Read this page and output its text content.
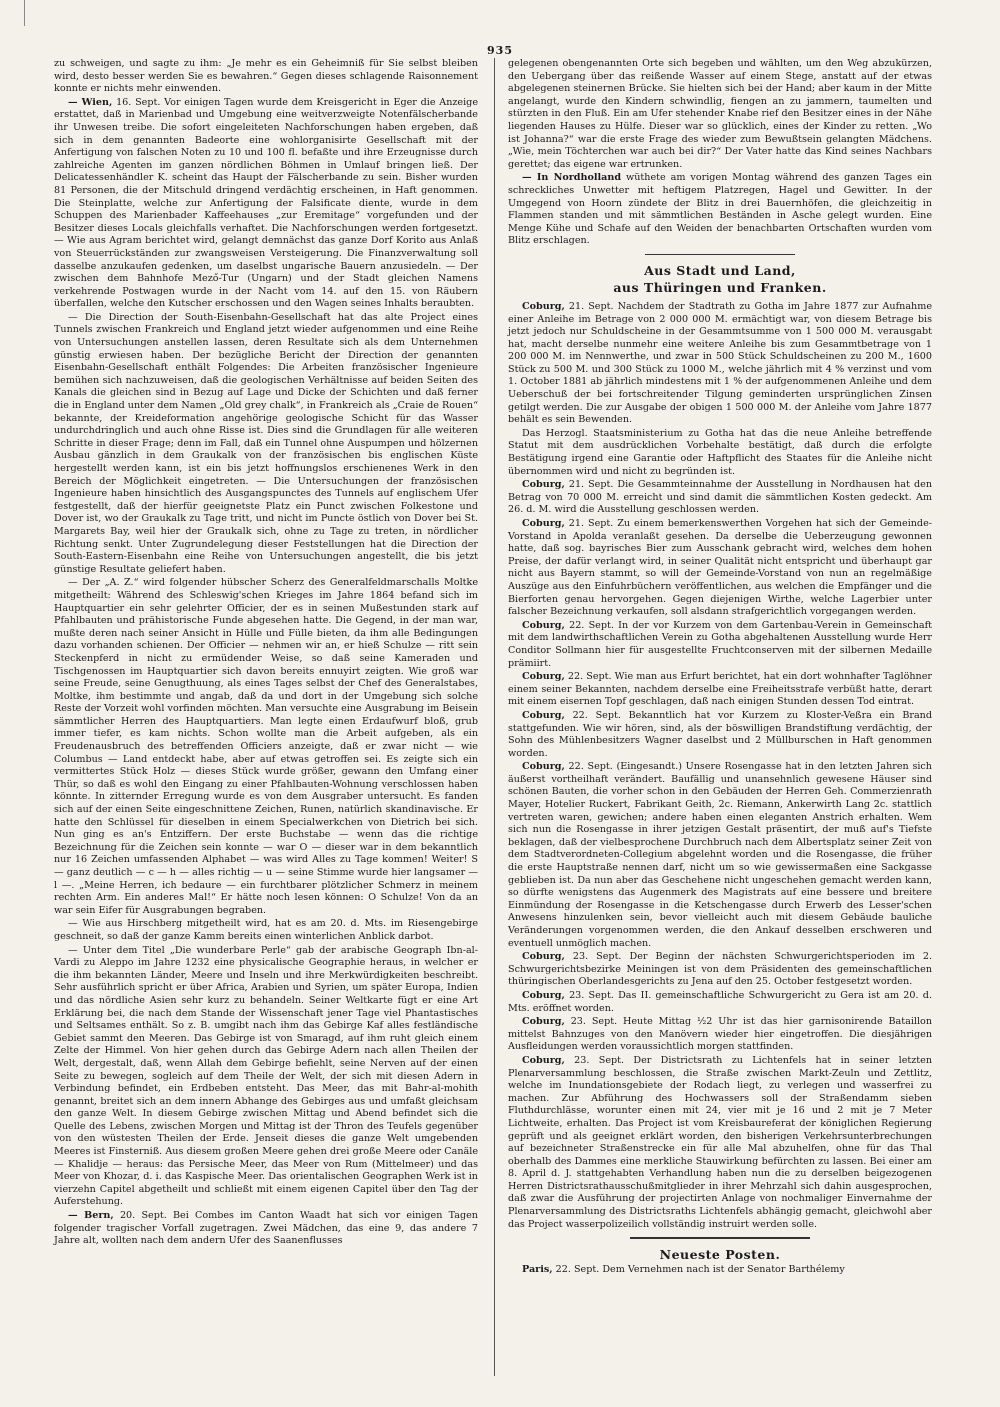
935

zu schweigen, und sagte zu ihm: „Je mehr es ein Geheimniß für Sie selbst bleiben wird, desto besser werden Sie es bewahren.“ Gegen dieses schlagende Raisonnement konnte er nichts mehr einwenden.

— Wien, 16. Sept. Vor einigen Tagen wurde dem Kreisgericht in Eger die Anzeige erstattet, daß in Marienbad und Umgebung eine weitverzweigte Notenfälscherbande ihr Unwesen treibe. Die sofort eingeleiteten Nachforschungen haben ergeben, daß sich in dem genannten Badeorte eine wohlorganisirte Gesellschaft mit der Anfertigung von falschen Noten zu 10 und 100 fl. befaßte und ihre Erzeugnisse durch zahlreiche Agenten im ganzen nördlichen Böhmen in Umlauf bringen ließ. Der Delicatessenhändler K. scheint das Haupt der Fälscherbande zu sein. Bisher wurden 81 Personen, die der Mitschuld dringend verdächtig erscheinen, in Haft genommen. Die Steinplatte, welche zur Anfertigung der Falsificate diente, wurde in dem Schuppen des Marienbader Kaffeehauses „zur Eremitage“ vorgefunden und der Besitzer dieses Locals gleichfalls verhaftet. Die Nachforschungen werden fortgesetzt. — Wie aus Agram berichtet wird, gelangt demnächst das ganze Dorf Korito aus Anlaß von Steuerrückständen zur zwangsweisen Versteigerung. Die Finanzverwaltung soll dasselbe anzukaufen gedenken, um daselbst ungarische Bauern anzusiedeln. — Der zwischen dem Bahnhofe Mező-Tur (Ungarn) und der Stadt gleichen Namens verkehrende Postwagen wurde in der Nacht vom 14. auf den 15. von Räubern überfallen, welche den Kutscher erschossen und den Wagen seines Inhalts beraubten.

— Die Direction der South-Eisenbahn-Gesellschaft hat das alte Project eines Tunnels zwischen Frankreich und England jetzt wieder aufgenommen und eine Reihe von Untersuchungen anstellen lassen, deren Resultate sich als dem Unternehmen günstig erwiesen haben. Der bezügliche Bericht der Direction der genannten Eisenbahn-Gesellschaft enthält Folgendes: Die Arbeiten französischer Ingenieure bemühen sich nachzuweisen, daß die geologischen Verhältnisse auf beiden Seiten des Kanals die gleichen sind in Bezug auf Lage und Dicke der Schichten und daß ferner die in England unter dem Namen „Old grey chalk“, in Frankreich als „Craie de Rouen“ bekannte, der Kreideformation angehörige geologische Schicht für das Wasser undurchdringlich und auch ohne Risse ist. Dies sind die Grundlagen für alle weiteren Schritte in dieser Frage; denn im Fall, daß ein Tunnel ohne Auspumpen und hölzernen Ausbau gänzlich in dem Graukalk von der französischen bis englischen Küste hergestellt werden kann, ist ein bis jetzt hoffnungslos erschienenes Werk in den Bereich der Möglichkeit eingetreten. — Die Untersuchungen der französischen Ingenieure haben hinsichtlich des Ausgangspunctes des Tunnels auf englischem Ufer festgestellt, daß der hierfür geeignetste Platz ein Punct zwischen Folkestone und Dover ist, wo der Graukalk zu Tage tritt, und nicht im Puncte östlich von Dover bei St. Margarets Bay, weil hier der Graukalk sich, ohne zu Tage zu treten, in nördlicher Richtung senkt. Unter Zugrundelegung dieser Feststellungen hat die Direction der South-Eastern-Eisenbahn eine Reihe von Untersuchungen angestellt, die bis jetzt günstige Resultate geliefert haben.

— Der „A. Z.“ wird folgender hübscher Scherz des Generalfeldmarschalls Moltke mitgetheilt: Während des Schleswig'schen Krieges im Jahre 1864 befand sich im Hauptquartier ein sehr gelehrter Officier, der es in seinen Mußestunden stark auf Pfahlbauten und prähistorische Funde abgesehen hatte. Die Gegend, in der man war, mußte deren nach seiner Ansicht in Hülle und Fülle bieten, da ihm alle Bedingungen dazu vorhanden schienen. Der Officier — nehmen wir an, er hieß Schulze — ritt sein Steckenpferd in nicht zu ermüdender Weise, so daß seine Kameraden und Tischgenossen im Hauptquartier sich davon bereits ennuyirt zeigten. Wie groß war seine Freude, seine Genugthuung, als eines Tages selbst der Chef des Generalstabes, Moltke, ihm bestimmte und angab, daß da und dort in der Umgebung sich solche Reste der Vorzeit wohl vorfinden möchten. Man versuchte eine Ausgrabung im Beisein sämmtlicher Herren des Hauptquartiers. Man legte einen Erdaufwurf bloß, grub immer tiefer, es kam nichts. Schon wollte man die Arbeit aufgeben, als ein Freudenausbruch des betreffenden Officiers anzeigte, daß er zwar nicht — wie Columbus — Land entdeckt habe, aber auf etwas getroffen sei. Es zeigte sich ein vermittertes Stück Holz — dieses Stück wurde größer, gewann den Umfang einer Thür, so daß es wohl den Eingang zu einer Pfahlbauten-Wohnung verschlossen haben könnte. In zitternder Erregung wurde es von dem Ausgraber untersucht. Es fanden sich auf der einen Seite eingeschnittene Zeichen, Runen, natürlich skandinavische. Er hatte den Schlüssel für dieselben in einem Specialwerkchen von Dietrich bei sich. Nun ging es an's Entziffern. Der erste Buchstabe — wenn das die richtige Bezeichnung für die Zeichen sein konnte — war O — dieser war in dem bekanntlich nur 16 Zeichen umfassenden Alphabet — was wird Alles zu Tage kommen! Weiter! S — ganz deutlich — c — h — alles richtig — u — seine Stimme wurde hier langsamer — l —. „Meine Herren, ich bedaure — ein furchtbarer plötzlicher Schmerz in meinem rechten Arm. Ein anderes Mal!“ Er hätte noch lesen können: O Schulze! Von da an war sein Eifer für Ausgrabungen begraben.

— Wie aus Hirschberg mitgetheilt wird, hat es am 20. d. Mts. im Riesengebirge geschneit, so daß der ganze Kamm bereits einen winterlichen Anblick darbot.

— Unter dem Titel „Die wunderbare Perle“ gab der arabische Geograph Ibn-al-Vardi zu Aleppo im Jahre 1232 eine physicalische Geographie heraus, in welcher er die ihm bekannten Länder, Meere und Inseln und ihre Merkwürdigkeiten beschreibt. Sehr ausführlich spricht er über Africa, Arabien und Syrien, um später Europa, Indien und das nördliche Asien sehr kurz zu behandeln. Seiner Weltkarte fügt er eine Art Erklärung bei, die nach dem Stande der Wissenschaft jener Tage viel Phantastisches und Seltsames enthält. So z. B. umgibt nach ihm das Gebirge Kaf alles festländische Gebiet sammt den Meeren. Das Gebirge ist von Smaragd, auf ihm ruht gleich einem Zelte der Himmel. Von hier gehen durch das Gebirge Adern nach allen Theilen der Welt, dergestalt, daß, wenn Allah dem Gebirge befiehlt, seine Nerven auf der einen Seite zu bewegen, sogleich auf dem Theile der Welt, der sich mit diesen Adern in Verbindung befindet, ein Erdbeben entsteht. Das Meer, das mit Bahr-al-mohith genannt, breitet sich an dem innern Abhange des Gebirges aus und umfaßt gleichsam den ganze Welt. In diesem Gebirge zwischen Mittag und Abend befindet sich die Quelle des Lebens, zwischen Morgen und Mittag ist der Thron des Teufels gegenüber von den wüstesten Theilen der Erde. Jenseit dieses die ganze Welt umgebenden Meeres ist Finsterniß. Aus diesem großen Meere gehen drei große Meere oder Canäle — Khalidje — heraus: das Persische Meer, das Meer von Rum (Mittelmeer) und das Meer von Khozar, d. i. das Kaspische Meer. Das orientalischen Geographen Werk ist in vierzehn Capitel abgetheilt und schließt mit einem eigenen Capitel über den Tag der Auferstehung.

— Bern, 20. Sept. Bei Combes im Canton Waadt hat sich vor einigen Tagen folgender tragischer Vorfall zugetragen. Zwei Mädchen, das eine 9, das andere 7 Jahre alt, wollten nach dem andern Ufer des Saanenflusses

gelegenen obengenannten Orte sich begeben und wählten, um den Weg abzukürzen, den Uebergang über das reißende Wasser auf einem Stege, anstatt auf der etwas abgelegenen steinernen Brücke. Sie hielten sich bei der Hand; aber kaum in der Mitte angelangt, wurde den Kindern schwindlig, fiengen an zu jammern, taumelten und stürzten in den Fluß. Ein am Ufer stehender Knabe rief den Besitzer eines in der Nähe liegenden Hauses zu Hülfe. Dieser war so glücklich, eines der Kinder zu retten. „Wo ist Johanna?“ war die erste Frage des wieder zum Bewußtsein gelangten Mädchens. „Wie, mein Töchterchen war auch bei dir?“ Der Vater hatte das Kind seines Nachbars gerettet; das eigene war ertrunken.

— In Nordholland wüthete am vorigen Montag während des ganzen Tages ein schreckliches Unwetter mit heftigem Platzregen, Hagel und Gewitter. In der Umgegend von Hoorn zündete der Blitz in drei Bauernhöfen, die gleichzeitig in Flammen standen und mit sämmtlichen Beständen in Asche gelegt wurden. Eine Menge Kühe und Schafe auf den Weiden der benachbarten Ortschaften wurden vom Blitz erschlagen.

Aus Stadt und Land,
aus Thüringen und Franken.

Coburg, 21. Sept. Nachdem der Stadtrath zu Gotha im Jahre 1877 zur Aufnahme einer Anleihe im Betrage von 2 000 000 M. ermächtigt war, von diesem Betrage bis jetzt jedoch nur Schuldscheine in der Gesammtsumme von 1 500 000 M. verausgabt hat, macht derselbe nunmehr eine weitere Anleihe bis zum Gesammtbetrage von 1 200 000 M. im Nennwerthe, und zwar in 500 Stück Schuldscheinen zu 200 M., 1600 Stück zu 500 M. und 300 Stück zu 1000 M., welche jährlich mit 4 % verzinst und vom 1. October 1881 ab jährlich mindestens mit 1 % der aufgenommenen Anleihe und dem Ueberschuß der bei fortschreitender Tilgung geminderten ursprünglichen Zinsen getilgt werden. Die zur Ausgabe der obigen 1 500 000 M. der Anleihe vom Jahre 1877 behält es sein Bewenden.

Das Herzogl. Staatsministerium zu Gotha hat das die neue Anleihe betreffende Statut mit dem ausdrücklichen Vorbehalte bestätigt, daß durch die erfolgte Bestätigung irgend eine Garantie oder Haftpflicht des Staates für die Anleihe nicht übernommen wird und nicht zu begründen ist.

Coburg, 21. Sept. Die Gesammteinnahme der Ausstellung in Nordhausen hat den Betrag von 70 000 M. erreicht und sind damit die sämmtlichen Kosten gedeckt. Am 26. d. M. wird die Ausstellung geschlossen werden.

Coburg, 21. Sept. Zu einem bemerkenswerthen Vorgehen hat sich der Gemeinde-Vorstand in Apolda veranlaßt gesehen. Da derselbe die Ueberzeugung gewonnen hatte, daß sog. bayrisches Bier zum Ausschank gebracht wird, welches dem hohen Preise, der dafür verlangt wird, in seiner Qualität nicht entspricht und überhaupt gar nicht aus Bayern stammt, so will der Gemeinde-Vorstand von nun an regelmäßige Auszüge aus den Einfuhrbüchern veröffentlichen, aus welchen die Empfänger und die Bierforten genau hervorgehen. Gegen diejenigen Wirthe, welche Lagerbier unter falscher Bezeichnung verkaufen, soll alsdann strafgerichtlich vorgegangen werden.

Coburg, 22. Sept. In der vor Kurzem von dem Gartenbau-Verein in Gemeinschaft mit dem landwirthschaftlichen Verein zu Gotha abgehaltenen Ausstellung wurde Herr Conditor Sollmann hier für ausgestellte Fruchtconserven mit der silbernen Medaille prämiirt.

Coburg, 22. Sept. Wie man aus Erfurt berichtet, hat ein dort wohnhafter Taglöhner einem seiner Bekannten, nachdem derselbe eine Freiheitsstrafe verbüßt hatte, derart mit einem eisernen Topf geschlagen, daß nach einigen Stunden dessen Tod eintrat.

Coburg, 22. Sept. Bekanntlich hat vor Kurzem zu Kloster-Veßra ein Brand stattgefunden. Wie wir hören, sind, als der böswilligen Brandstiftung verdächtig, der Sohn des Mühlenbesitzers Wagner daselbst und 2 Müllburschen in Haft genommen worden.

Coburg, 22. Sept. (Eingesandt.) Unsere Rosengasse hat in den letzten Jahren sich äußerst vortheilhaft verändert. Baufällig und unansehnlich gewesene Häuser sind schönen Bauten, die vorher schon in den Gebäuden der Herren Geh. Commerzienrath Mayer, Hotelier Ruckert, Fabrikant Geith, 2c. Riemann, Ankerwirth Lang 2c. stattlich vertreten waren, gewichen; andere haben einen eleganten Anstrich erhalten. Wem sich nun die Rosengasse in ihrer jetzigen Gestalt präsentirt, der muß auf's Tiefste beklagen, daß der vielbesprochene Durchbruch nach dem Albertsplatz seiner Zeit von dem Stadtverordneten-Collegium abgelehnt worden und die Rosengasse, die früher die erste Hauptstraße nennen darf, nicht um so wie gewissermaßen eine Sackgasse geblieben ist. Da nun aber das Geschehene nicht ungeschehen gemacht werden kann, so dürfte wenigstens das Augenmerk des Magistrats auf eine bessere und breitere Einmündung der Rosengasse in die Ketschengasse durch Erwerb des Lesser'schen Anwesens hinzulenken sein, bevor vielleicht auch mit diesem Gebäude bauliche Veränderungen vorgenommen werden, die den Ankauf desselben erschweren und eventuell unmöglich machen.

Coburg, 23. Sept. Der Beginn der nächsten Schwurgerichtsperioden im 2. Schwurgerichtsbezirke Meiningen ist von dem Präsidenten des gemeinschaftlichen thüringischen Oberlandesgerichts zu Jena auf den 25. October festgesetzt worden.

Coburg, 23. Sept. Das II. gemeinschaftliche Schwurgericht zu Gera ist am 20. d. Mts. eröffnet worden.

Coburg, 23. Sept. Heute Mittag ½2 Uhr ist das hier garnisonirende Bataillon mittelst Bahnzuges von den Manövern wieder hier eingetroffen. Die diesjährigen Ausfleidungen werden voraussichtlich morgen stattfinden.

Coburg, 23. Sept. Der Districtsrath zu Lichtenfels hat in seiner letzten Plenarversammlung beschlossen, die Straße zwischen Markt-Zeuln und Zettlitz, welche im Inundationsgebiete der Rodach liegt, zu verlegen und wasserfrei zu machen. Zur Abführung des Hochwassers soll der Straßendamm sieben Fluthdurchlässe, worunter einen mit 24, vier mit je 16 und 2 mit je 7 Meter Lichtweite, erhalten. Das Project ist vom Kreisbaureferat der königlichen Regierung geprüft und als geeignet erklärt worden, den bisherigen Verkehrsunterbrechungen auf bezeichneter Straßenstrecke ein für alle Mal abzuhelfen, ohne für das Thal oberhalb des Dammes eine merkliche Stauwirkung befürchten zu lassen. Bei einer am 8. April d. J. stattgehabten Verhandlung haben nun die zu derselben beigezogenen Herren Districtsrathausschußmitglieder in ihrer Mehrzahl sich dahin ausgesprochen, daß zwar die Ausführung der projectirten Anlage von nochmaliger Einvernahme der Plenarversammlung des Districtsraths Lichtenfels abhängig gemacht, gleichwohl aber das Project wasserpolizeilich vollständig instruirt werden solle.

Neueste Posten.

Paris, 22. Sept. Dem Vernehmen nach ist der Senator Barthélemy
